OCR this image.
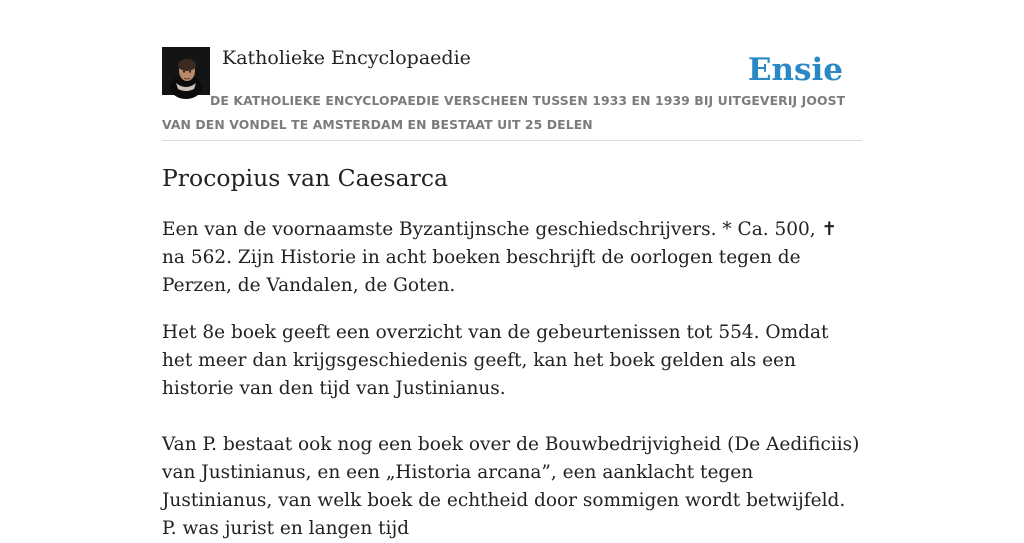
Katholieke Encyclopaedie	Ensie
DE KATHOLIEKE ENCYCLOPAEDIE VERSCHEEN TUSSEN 1933 EN 1939 BIJ UITGEVERIJ JOOST VAN DEN VONDEL TE AMSTERDAM EN BESTAAT UIT 25 DELEN
Procopius van Caesarca

Een van de voornaamste Byzantijnsche geschiedschrijvers. * Ca. 500, ✝ na 562. Zijn Historie in acht boeken beschrijft de oorlogen tegen de Perzen, de Vandalen, de Goten.

Het 8e boek geeft een overzicht van de gebeurtenissen tot 554. Omdat het meer dan krijgsgeschiedenis geeft, kan het boek gelden als een historie van den tijd van Justinianus.

Van P. bestaat ook nog een boek over de Bouwbedrijvigheid (De Aedificiis) van Justinianus, en een „Historia arcana”, een aanklacht tegen Justinianus, van welk boek de echtheid door sommigen wordt betwijfeld. P. was jurist en langen tijd
